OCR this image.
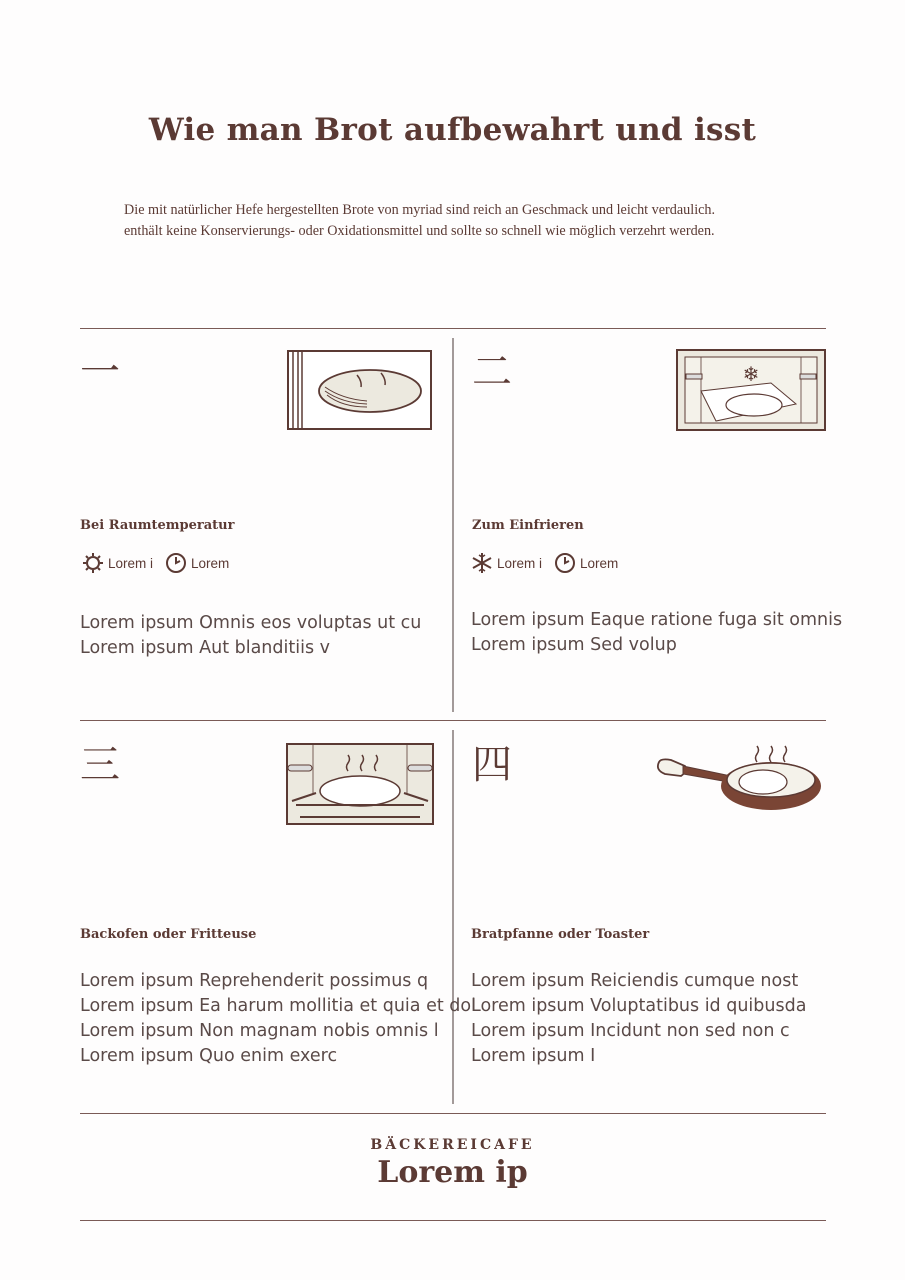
Wie man Brot aufbewahrt und isst
Die mit natürlicher Hefe hergestellten Brote von myriad sind reich an Geschmack und leicht verdaulich.
enthält keine Konservierungs- oder Oxidationsmittel und sollte so schnell wie möglich verzehrt werden.
一
Bei Raumtemperatur
Lorem i	Lorem
Lorem ipsum Omnis eos voluptas ut cu
Lorem ipsum Aut blanditiis v
二	❄
Zum Einfrieren
Lorem i	Lorem
Lorem ipsum Eaque ratione fuga sit omnis
Lorem ipsum Sed volup
三
Backofen oder Fritteuse
Lorem ipsum Reprehenderit possimus q
Lorem ipsum Ea harum mollitia et quia et dol
Lorem ipsum Non magnam nobis omnis l
Lorem ipsum Quo enim exerc
四
Bratpfanne oder Toaster
Lorem ipsum Reiciendis cumque nost
Lorem ipsum Voluptatibus id quibusda
Lorem ipsum Incidunt non sed non c
Lorem ipsum I
BÄCKEREICAFE
Lorem ip
